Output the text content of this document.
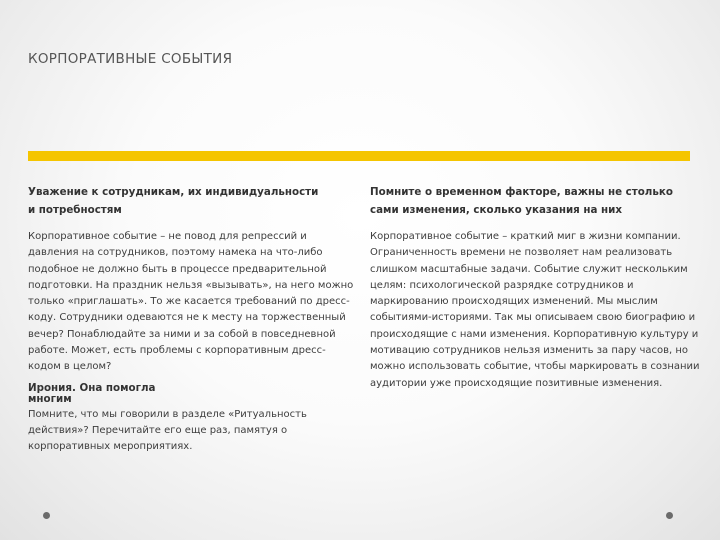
КОРПОРАТИВНЫЕ СОБЫТИЯ
Уважение к сотрудникам, их индивидуальности
и потребностям
Корпоративное событие – не повод для репрессий и
давления на сотрудников, поэтому намека на что-либо
подобное не должно быть в процессе предварительной
подготовки. На праздник нельзя «вызывать», на него можно
только «приглашать». То же касается требований по дресс-
коду. Сотрудники одеваются не к месту на торжественный
вечер? Понаблюдайте за ними и за собой в повседневной
работе. Может, есть проблемы с корпоративным дресс-
кодом в целом?
Ирония. Она помогла
многим
Помните, что мы говорили в разделе «Ритуальность
действия»? Перечитайте его еще раз, памятуя о
корпоративных мероприятиях.
Помните о временном факторе, важны не столько
сами изменения, сколько указания на них
Корпоративное событие – краткий миг в жизни компании.
Ограниченность времени не позволяет нам реализовать
слишком масштабные задачи. Событие служит нескольким
целям: психологической разрядке сотрудников и
маркированию происходящих изменений. Мы мыслим
событиями-историями. Так мы описываем свою биографию и
происходящие с нами изменения. Корпоративную культуру и
мотивацию сотрудников нельзя изменить за пару часов, но
можно использовать событие, чтобы маркировать в сознании
аудитории уже происходящие позитивные изменения.
